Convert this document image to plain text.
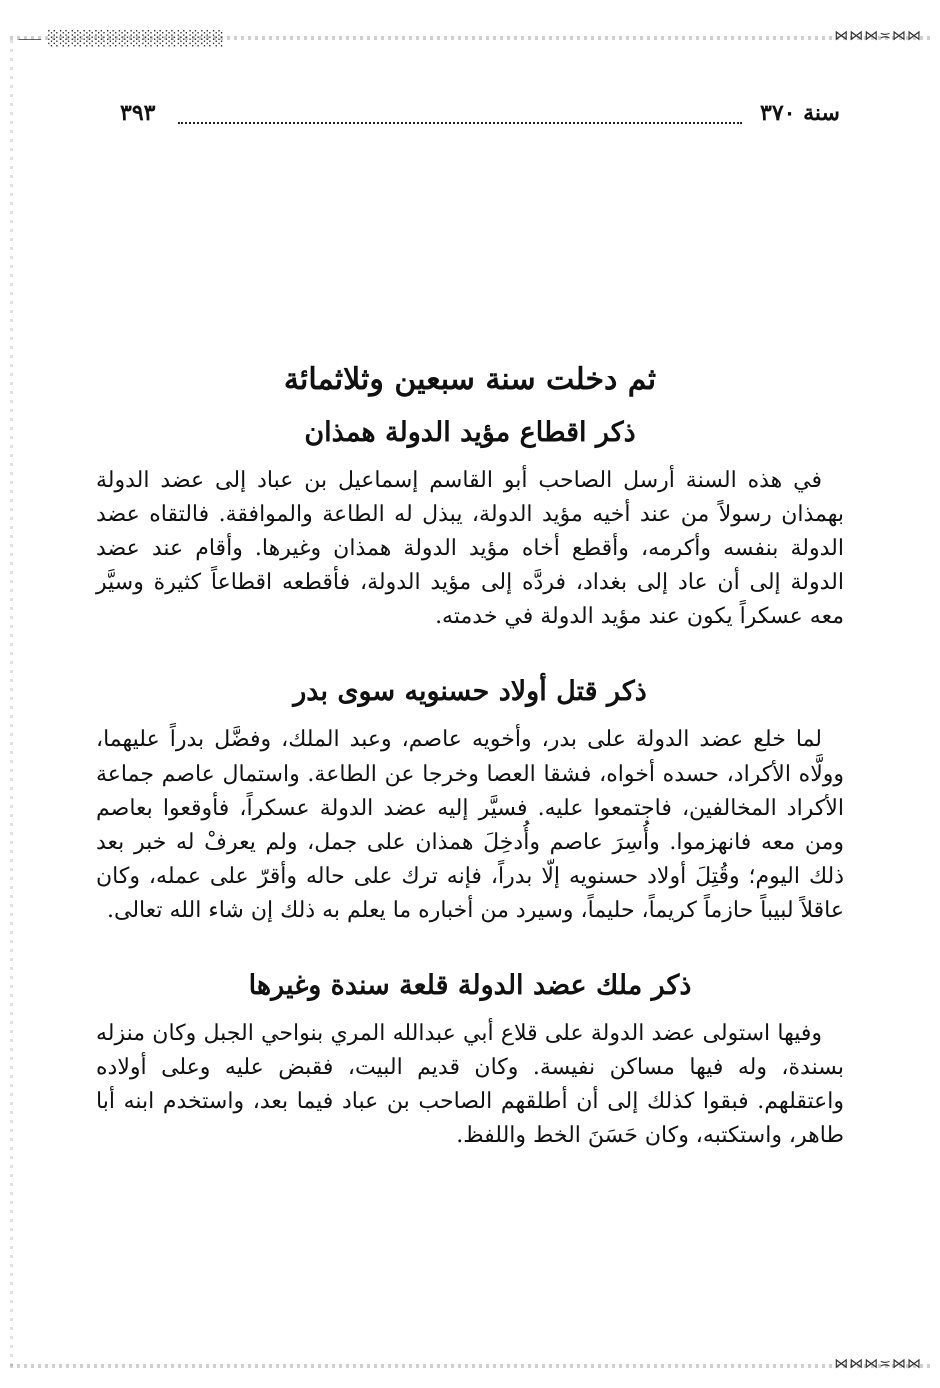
⸺ ░░░░░░░░░░░░░░░	⋈⋈⋈≍⋈⋈
⋈⋈⋈≍⋈⋈
سنة ٣٧٠
٣٩٣
ثم دخلت سنة سبعين وثلاثمائة
ذكر اقطاع مؤيد الدولة همذان

في هذه السنة أرسل الصاحب أبو القاسم إسماعيل بن عباد إلى عضد الدولة بهمذان رسولاً من عند أخيه مؤيد الدولة، يبذل له الطاعة والموافقة. فالتقاه عضد الدولة بنفسه وأكرمه، وأقطع أخاه مؤيد الدولة همذان وغيرها. وأقام عند عضد الدولة إلى أن عاد إلى بغداد، فردَّه إلى مؤيد الدولة، فأقطعه اقطاعاً كثيرة وسيَّر معه عسكراً يكون عند مؤيد الدولة في خدمته.

ذكر قتل أولاد حسنويه سوى بدر

لما خلع عضد الدولة على بدر، وأخويه عاصم، وعبد الملك، وفضَّل بدراً عليهما، وولَّاه الأكراد، حسده أخواه، فشقا العصا وخرجا عن الطاعة. واستمال عاصم جماعة الأكراد المخالفين، فاجتمعوا عليه. فسيَّر إليه عضد الدولة عسكراً، فأوقعوا بعاصم ومن معه فانهزموا. وأُسِرَ عاصم وأُدخِلَ همذان على جمل، ولم يعرفْ له خبر بعد ذلك اليوم؛ وقُتِلَ أولاد حسنويه إلّا بدراً، فإنه ترك على حاله وأقرّ على عمله، وكان عاقلاً لبيباً حازماً كريماً، حليماً، وسيرد من أخباره ما يعلم به ذلك إن شاء الله تعالى.

ذكر ملك عضد الدولة قلعة سندة وغيرها

وفيها استولى عضد الدولة على قلاع أبي عبدالله المري بنواحي الجبل وكان منزله بسندة، وله فيها مساكن نفيسة. وكان قديم البيت، فقبض عليه وعلى أولاده واعتقلهم. فبقوا كذلك إلى أن أطلقهم الصاحب بن عباد فيما بعد، واستخدم ابنه أبا طاهر، واستكتبه، وكان حَسَنَ الخط واللفظ.
